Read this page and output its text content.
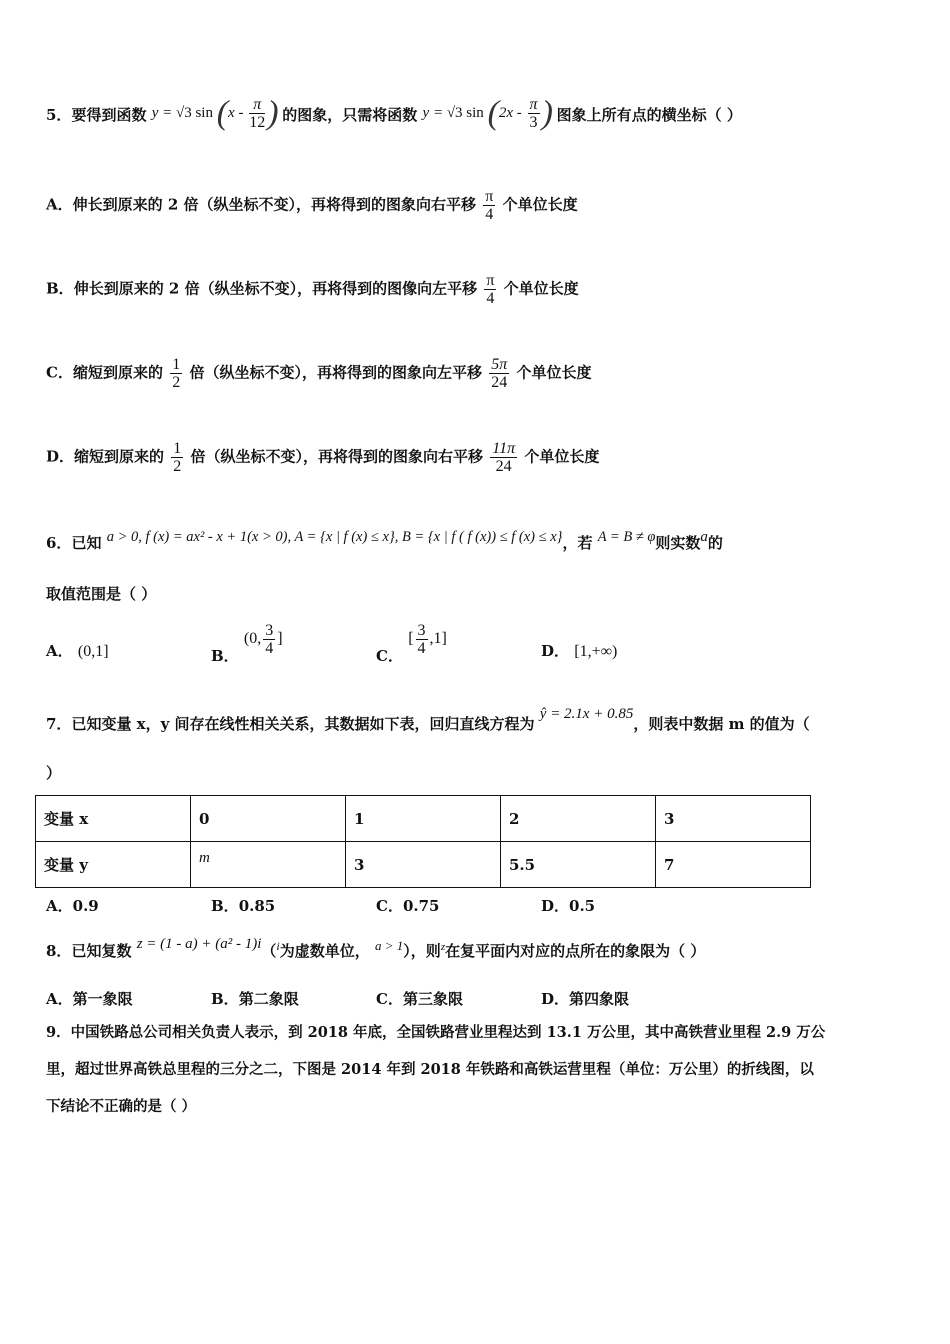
5．要得到函数 y = √3 $\sin (x - \frac{\pi}{12}$ ) 的图象，只需将函数 y = √3 $\sin (2x - \frac{\pi}{3}$ ) 图象上所有点的横坐标（ ）
A．伸长到原来的 2 倍（纵坐标不变），再将得到的图象向右平移 $\frac{\pi}{4}$ 个单位长度
B．伸长到原来的 2 倍（纵坐标不变），再将得到的图像向左平移 $\frac{\pi}{4}$ 个单位长度
C．缩短到原来的 $\frac{1}{2}$ 倍（纵坐标不变），再将得到的图象向左平移 $\frac{5\pi}{24}$ 个单位长度
D．缩短到原来的 $\frac{1}{2}$ 倍（纵坐标不变），再将得到的图象向右平移 $\frac{11\pi}{24}$ 个单位长度
6．已知 a > 0, f (x) = ax² - x + 1(x > 0), A = {x | f (x) ≤ x}, B = {x | f ( f (x)) ≤ f (x) ≤ x}，若 A = B ≠ φ则实数a的
取值范围是（ ）
A． (0,1]	B． (0, $\frac{3}{4}$ ]
C． [ $\frac{3}{4} ,1$]
D． [1,+∞)
7．已知变量 x，y 间存在线性相关关系，其数据如下表，回归直线方程为 ŷ = 2.1x + 0.85，则表中数据 m 的值为（
）
变量 x	0	1	2	3
变量 y	m	3	5.5	7
A．0.9	B．0.85	C．0.75	D．0.5
8．已知复数 z = (1 - a) + (a² - 1)i（$^i$为虚数单位， a > 1），则$^z$在复平面内对应的点所在的象限为（ ）
A．第一象限	B．第二象限	C．第三象限	D．第四象限
9．中国铁路总公司相关负责人表示，到 2018 年底，全国铁路营业里程达到 13.1 万公里，其中高铁营业里程 2.9 万公
里，超过世界高铁总里程的三分之二，下图是 2014 年到 2018 年铁路和高铁运营里程（单位：万公里）的折线图，以
下结论不正确的是（ ）
